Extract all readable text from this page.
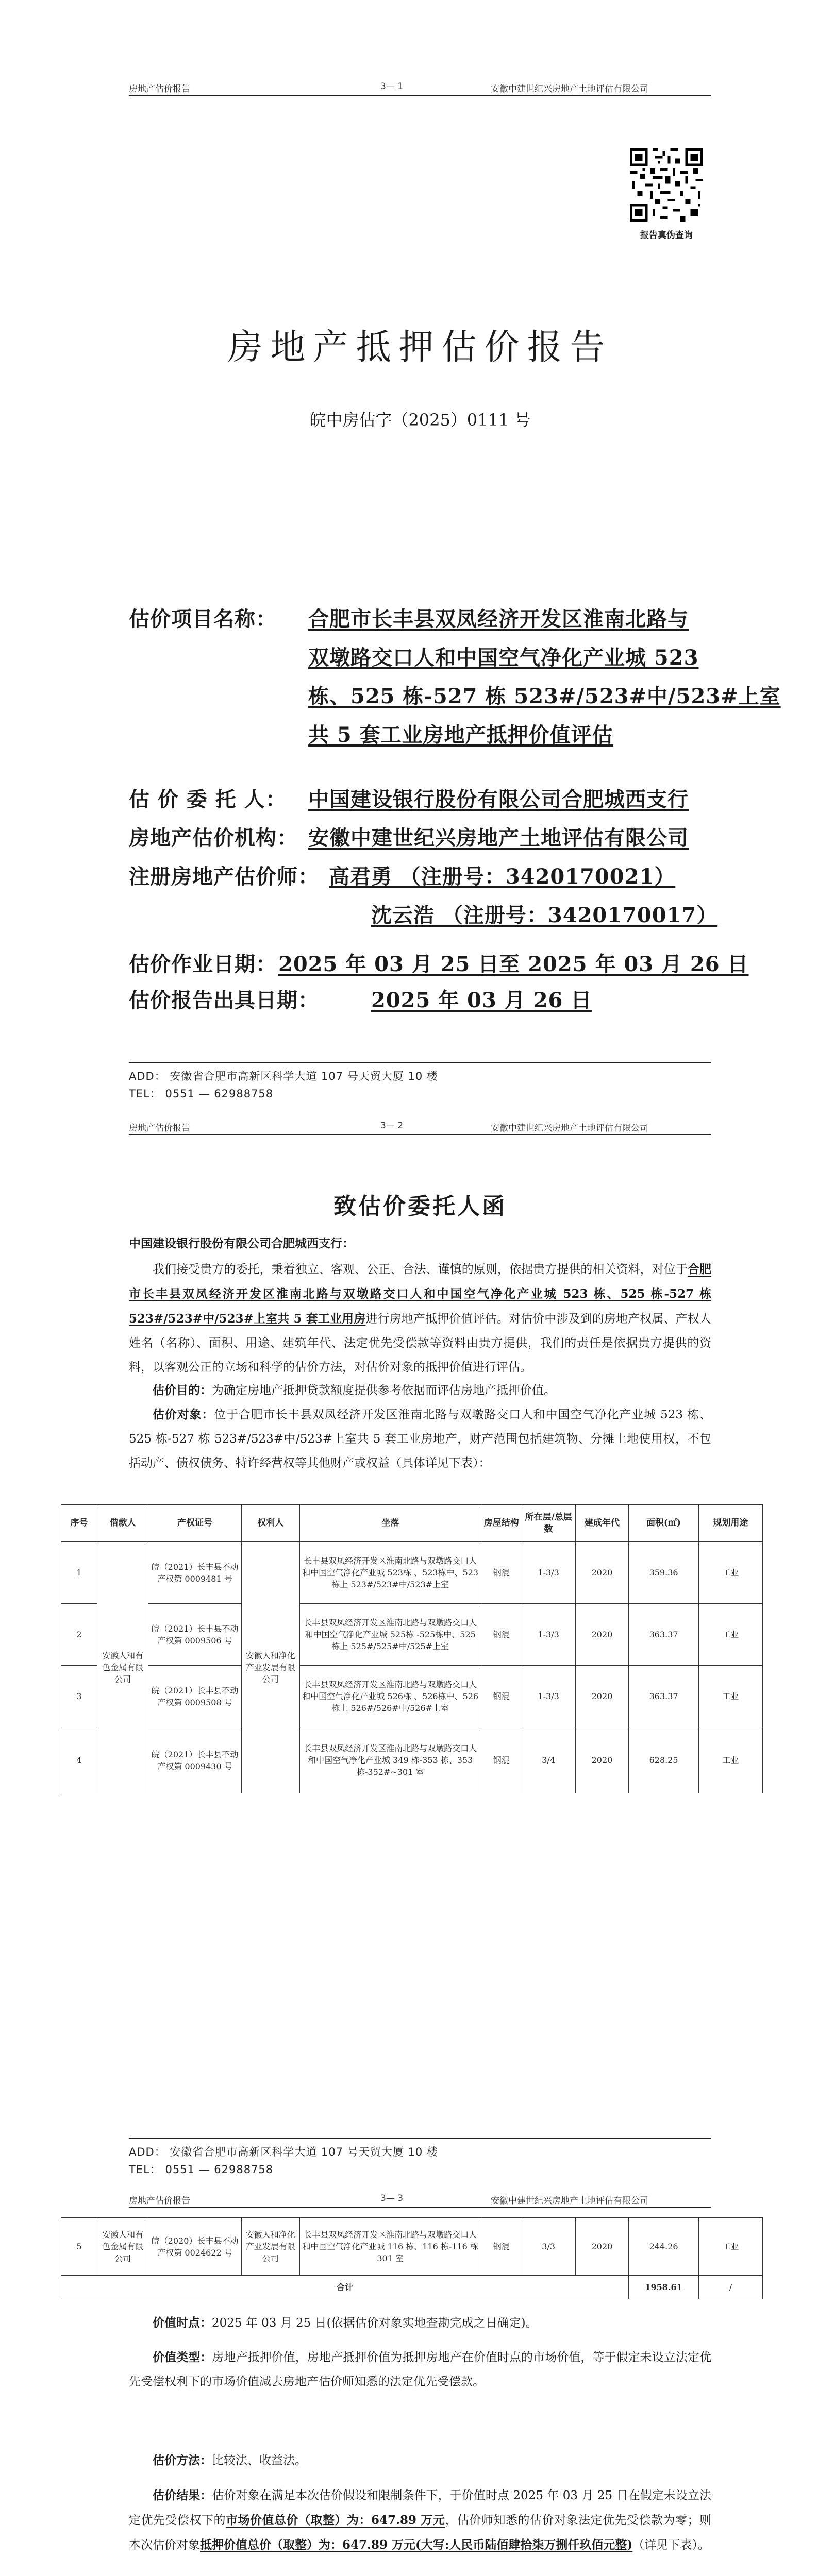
房地产估价报告	3— 1	安徽中建世纪兴房地产土地评估有限公司
报告真伪查询
房地产抵押估价报告
皖中房估字（2025）0111 号
估价项目名称： 合肥市长丰县双凤经济开发区淮南北路与
双墩路交口人和中国空气净化产业城 523
栋、525 栋-527 栋 523#/523#中/523#上室
共 5 套工业房地产抵押价值评估
估 价 委 托 人： 中国建设银行股份有限公司合肥城西支行
房地产估价机构： 安徽中建世纪兴房地产土地评估有限公司
注册房地产估价师： 高君勇 （注册号：3420170021）
沈云浩 （注册号：3420170017）
估价作业日期：2025 年 03 月 25 日至 2025 年 03 月 26 日
估价报告出具日期：	2025 年 03 月 26 日
ADD： 安徽省合肥市高新区科学大道 107 号天贸大厦 10 楼
TEL： 0551 — 62988758
房地产估价报告	3— 2	安徽中建世纪兴房地产土地评估有限公司
致估价委托人函
中国建设银行股份有限公司合肥城西支行：
我们接受贵方的委托，秉着独立、客观、公正、合法、谨慎的原则，依据贵方提供的相关资料，对位于合肥市长丰县双凤经济开发区淮南北路与双墩路交口人和中国空气净化产业城 523 栋、525 栋-527 栋 523#/523#中/523#上室共 5 套工业用房进行房地产抵押价值评估。对估价中涉及到的房地产权属、产权人姓名（名称）、面积、用途、建筑年代、法定优先受偿款等资料由贵方提供，我们的责任是依据贵方提供的资料，以客观公正的立场和科学的估价方法，对估价对象的抵押价值进行评估。
估价目的：为确定房地产抵押贷款额度提供参考依据而评估房地产抵押价值。
估价对象：位于合肥市长丰县双凤经济开发区淮南北路与双墩路交口人和中国空气净化产业城 523 栋、525 栋-527 栋 523#/523#中/523#上室共 5 套工业房地产，财产范围包括建筑物、分摊土地使用权，不包括动产、债权债务、特许经营权等其他财产或权益（具体详见下表）：
序号	借款人	产权证号	权利人	坐落	房屋结构	所在层/总层数	建成年代	面积(㎡)	规划用途
1	安徽人和有色金属有限公司	皖（2021）长丰县不动产权第 0009481 号	安徽人和净化产业发展有限公司	长丰县双凤经济开发区淮南北路与双墩路交口人和中国空气净化产业城 523栋 、523栋中、523栋上 523#/523#中/523#上室	钢混	1-3/3	2020	359.36	工业
2		皖（2021）长丰县不动产权第 0009506 号		长丰县双凤经济开发区淮南北路与双墩路交口人和中国空气净化产业城 525栋 -525栋中、525栋上 525#/525#中/525#上室	钢混	1-3/3	2020	363.37	工业
3		皖（2021）长丰县不动产权第 0009508 号		长丰县双凤经济开发区淮南北路与双墩路交口人和中国空气净化产业城 526栋 、526栋中、526栋上 526#/526#中/526#上室	钢混	1-3/3	2020	363.37	工业
4		皖（2021）长丰县不动产权第 0009430 号		长丰县双凤经济开发区淮南北路与双墩路交口人和中国空气净化产业城 349 栋-353 栋、353 栋-352#~301 室	钢混	3/4	2020	628.25	工业
ADD： 安徽省合肥市高新区科学大道 107 号天贸大厦 10 楼
TEL： 0551 — 62988758
房地产估价报告	3— 3	安徽中建世纪兴房地产土地评估有限公司
5	安徽人和有色金属有限公司	皖（2020）长丰县不动产权第 0024622 号	安徽人和净化产业发展有限公司	长丰县双凤经济开发区淮南北路与双墩路交口人和中国空气净化产业城 116 栋、116 栋-116 栋 301 室	钢混	3/3	2020	244.26	工业
合计								1958.61	/
价值时点：2025 年 03 月 25 日(依据估价对象实地查勘完成之日确定)。
价值类型：房地产抵押价值，房地产抵押价值为抵押房地产在价值时点的市场价值，等于假定未设立法定优先受偿权利下的市场价值减去房地产估价师知悉的法定优先受偿款。
估价方法：比较法、收益法。
估价结果：估价对象在满足本次估价假设和限制条件下，于价值时点 2025 年 03 月 25 日在假定未设立法定优先受偿权下的市场价值总价（取整）为：647.89 万元，估价师知悉的估价对象法定优先受偿款为零；则本次估价对象抵押价值总价（取整）为：647.89 万元(大写:人民币陆佰肆拾柒万捌仟玖佰元整)（详见下表）。
